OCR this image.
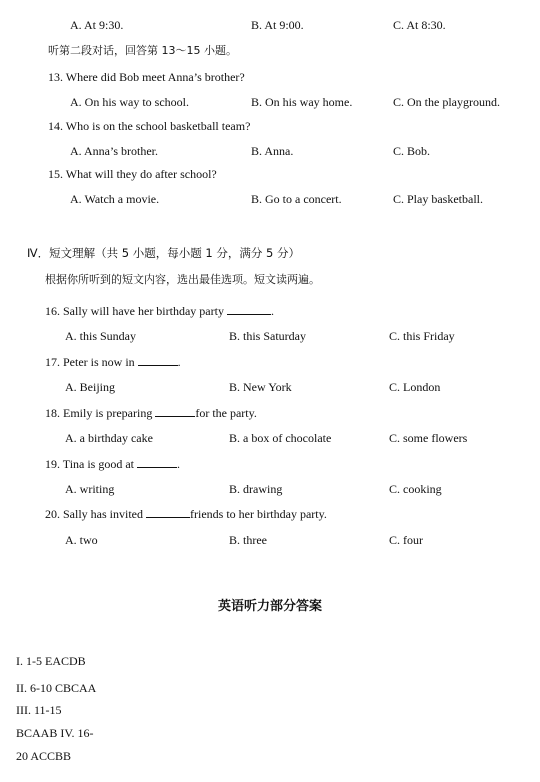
A. At 9:30.	B. At 9:00.	C. At 8:30.
听第二段对话，回答第 13～15 小题。
13. Where did Bob meet Anna’s brother?
A. On his way to school.	B. On his way home.	C. On the playground.
14. Who is on the school basketball team?
A. Anna’s brother.	B. Anna.	C. Bob.
15. What will they do after school?
A. Watch a movie.	B. Go to a concert.	C. Play basketball.
Ⅳ．短文理解（共 5 小题，每小题 1 分，满分 5 分）
根据你所听到的短文内容，选出最佳选项。短文读两遍。
16. Sally will have her birthday party	.
A. this Sunday	B. this Saturday	C. this Friday
17. Peter is now in	.
A. Beijing	B. New York	C. London
18. Emily is preparing	for the party.
A. a birthday cake	B. a box of chocolate	C. some flowers
19. Tina is good at	.
A. writing	B. drawing	C. cooking
20. Sally has invited	friends to her birthday party.
A. two	B. three	C. four
英语听力部分答案
I. 1-5 EACDB
II. 6-10 CBCAA
III. 11-15
BCAAB IV. 16-
20 ACCBB
